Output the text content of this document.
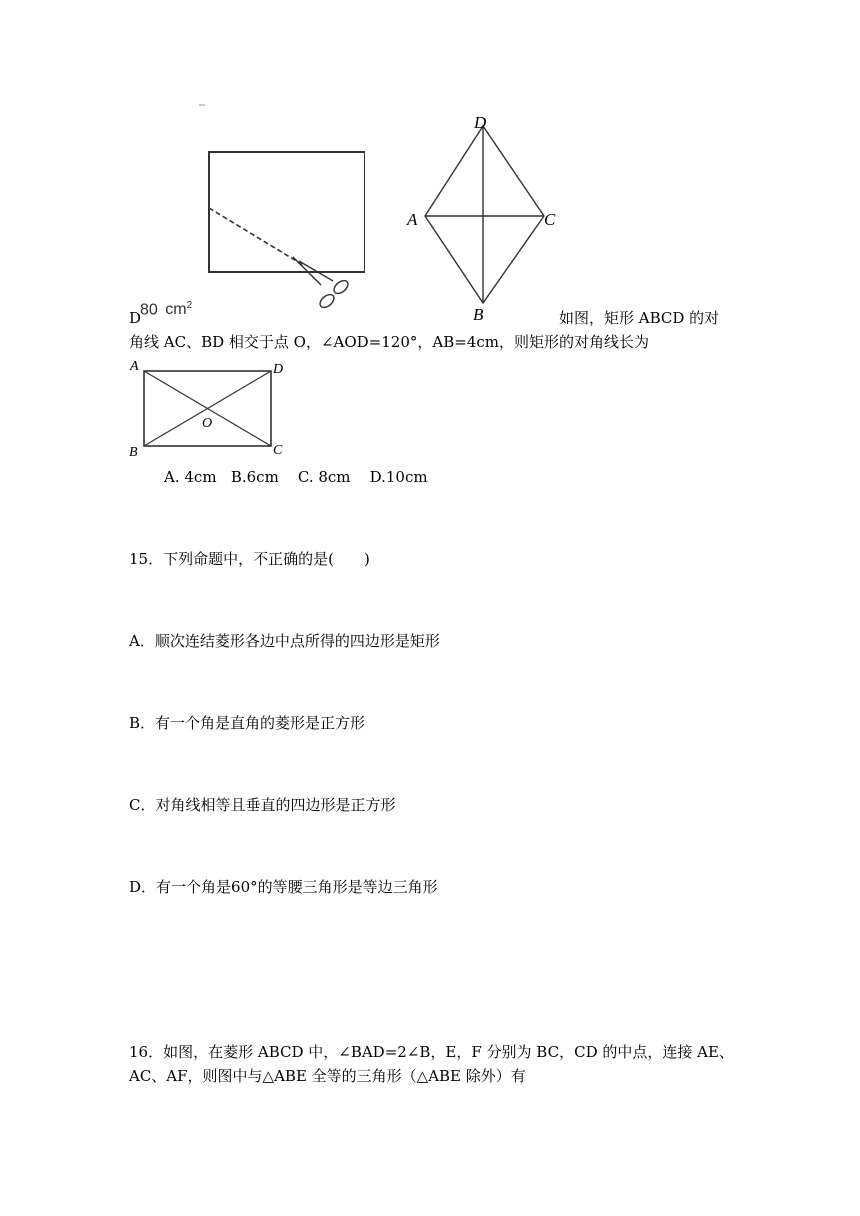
D
A	C
B
D
80 $cm^2$
如图，矩形 ABCD 的对
角线 AC、BD 相交于点 O，∠AOD=120°，AB=4cm，则矩形的对角线长为
A	D
B	C
O
A. 4cm   B.6cm    C. 8cm    D.10cm
15．下列命题中，不正确的是(　　)
A．顺次连结菱形各边中点所得的四边形是矩形
B．有一个角是直角的菱形是正方形
C．对角线相等且垂直的四边形是正方形
D．有一个角是60°的等腰三角形是等边三角形
16．如图，在菱形 ABCD 中，∠BAD=2∠B，E，F 分别为 BC，CD 的中点，连接 AE、
AC、AF，则图中与△ABE 全等的三角形（△ABE 除外）有
